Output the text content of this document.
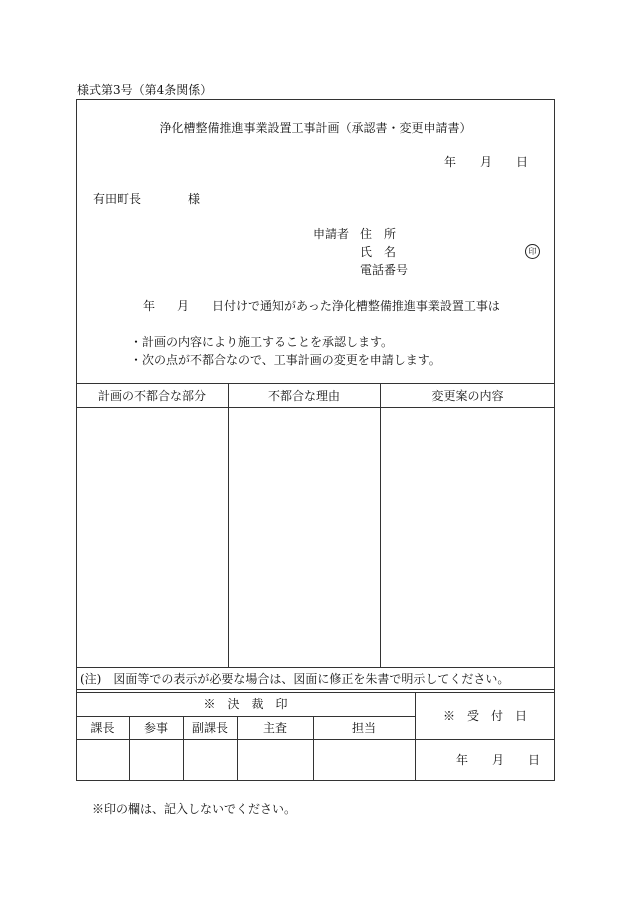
様式第3号（第4条関係）
浄化槽整備推進事業設置工事計画（承認書・変更申請書）
年 月 日
有田町長	様
申請者 住　所
氏　名	印
電話番号
年 月 日付けで通知があった浄化槽整備推進事業設置工事は
・計画の内容により施工することを承認します。
・次の点が不都合なので、工事計画の変更を申請します。
計画の不都合な部分	不都合な理由	変更案の内容
(注)　図面等での表示が必要な場合は、図面に修正を朱書で明示してください。
※　決　裁　印
課長	参事	副課長	主査	担当
※　受　付　日
年 月 日
※印の欄は、記入しないでください。
